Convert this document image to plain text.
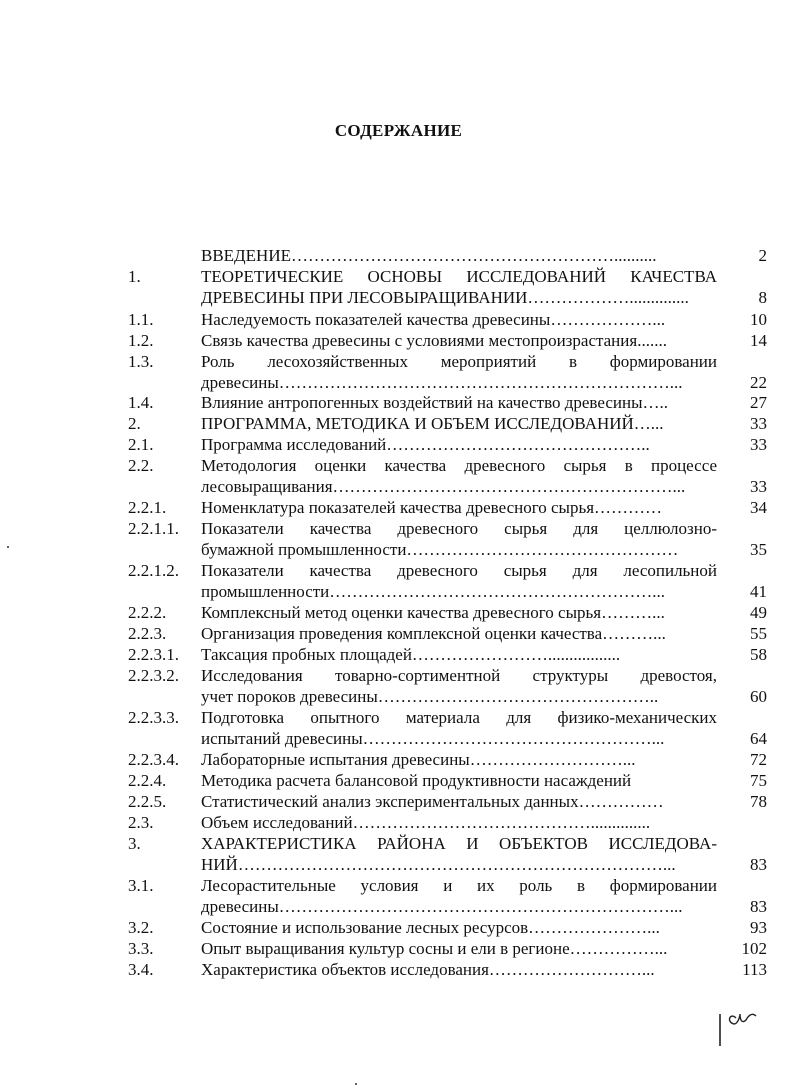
СОДЕРЖАНИЕ
ВВЕДЕНИЕ…………………………………………………..........	2
1.	ТЕОРЕТИЧЕСКИЕ ОСНОВЫ ИССЛЕДОВАНИЙ КАЧЕСТВА
ДРЕВЕСИНЫ ПРИ ЛЕСОВЫРАЩИВАНИИ………………..............	8
1.1.	Наследуемость показателей качества древесины………………...	10
1.2.	Связь качества древесины с условиями местопроизрастания.......	14
1.3.	Роль лесохозяйственных мероприятий в формировании
древесины……………………………………………………………...	22
1.4.	Влияние антропогенных воздействий на качество древесины…..	27
2.	ПРОГРАММА, МЕТОДИКА И ОБЪЕМ ИССЛЕДОВАНИЙ…...	33
2.1.	Программа исследований………………………………………..	33
2.2.	Методология оценки качества древесного сырья в процессе
лесовыращивания……………………………………………………...	33
2.2.1. Номенклатура показателей качества древесного сырья…………	34
2.2.1.1. Показатели качества древесного сырья для целлюлозно-
бумажной промышленности…………………………………………	35
2.2.1.2. Показатели качества древесного сырья для лесопильной
промышленности…………………………………………………...	41
2.2.2. Комплексный метод оценки качества древесного сырья………...	49
2.2.3. Организация проведения комплексной оценки качества………...	55
2.2.3.1. Таксация пробных площадей…………………….................	58
2.2.3.2. Исследования товарно-сортиментной структуры древостоя,
учет пороков древесины…………………………………………..	60
2.2.3.3. Подготовка опытного материала для физико-механических
испытаний древесины……………………………………………...	64
2.2.3.4. Лабораторные испытания древесины………………………...	72
2.2.4. Методика расчета балансовой продуктивности насаждений	75
2.2.5. Статистический анализ экспериментальных данных……………	78
2.3.	Объем исследований……………………………………..............
3.	ХАРАКТЕРИСТИКА РАЙОНА И ОБЪЕКТОВ ИССЛЕДОВА-
НИЙ…………………………………………………………………...	83
3.1.	Лесорастительные условия и их роль в формировании
древесины……………………………………………………………...	83
3.2.	Состояние и использование лесных ресурсов…………………...	93
3.3.	Опыт выращивания культур сосны и ели в регионе……………...	102
3.4.	Характеристика объектов исследования………………………...	113
